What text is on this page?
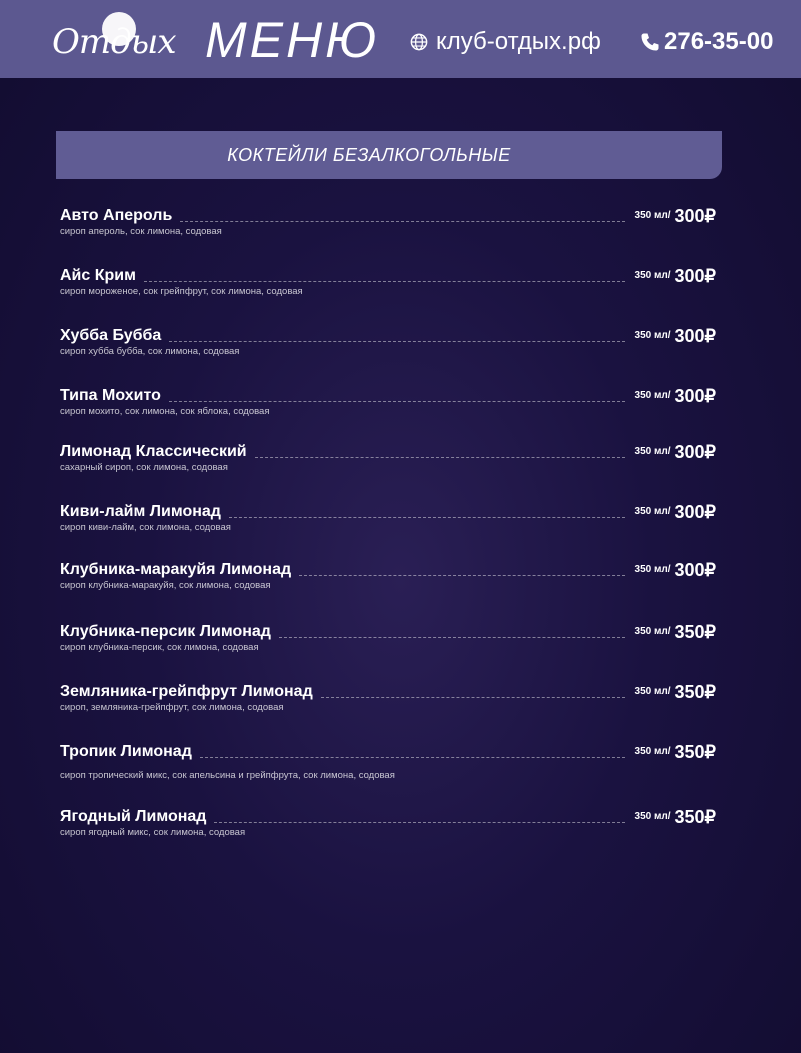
Отдых МЕНЮ клуб-отдых.рф	276-35-00
КОКТЕЙЛИ БЕЗАЛКОГОЛЬНЫЕ
Авто Апероль	350 мл/ 300₽
сироп апероль, сок лимона, содовая
Айс Крим	350 мл/ 300₽
сироп мороженое, сок грейпфрут, сок лимона, содовая
Хубба Бубба	350 мл/ 300₽
сироп хубба бубба, сок лимона, содовая
Типа Мохито	350 мл/ 300₽
сироп мохито, сок лимона, сок яблока, содовая
Лимонад Классический	350 мл/ 300₽
сахарный сироп, сок лимона, содовая
Киви-лайм Лимонад	350 мл/ 300₽
сироп киви-лайм, сок лимона, содовая
Клубника-маракуйя Лимонад	350 мл/ 300₽
сироп клубника-маракуйя, сок лимона, содовая
Клубника-персик Лимонад	350 мл/ 350₽
сироп клубника-персик, сок лимона, содовая
Земляника-грейпфрут Лимонад	350 мл/ 350₽
сироп, земляника-грейпфрут, сок лимона, содовая
Тропик Лимонад	350 мл/ 350₽
сироп тропический микс, сок апельсина и грейпфрута, сок лимона, содовая
Ягодный Лимонад	350 мл/ 350₽
сироп ягодный микс, сок лимона, содовая
